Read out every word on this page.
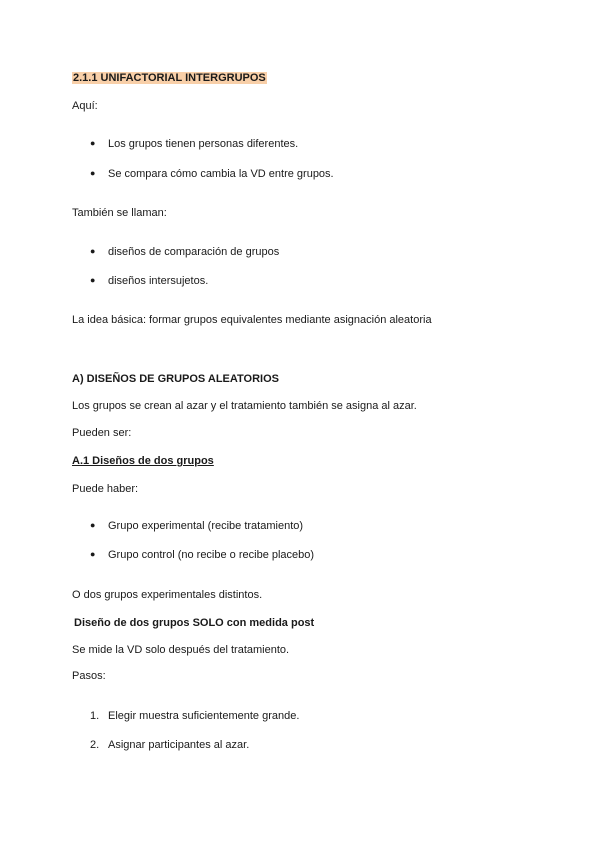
2.1.1 UNIFACTORIAL INTERGRUPOS
Aquí:
● Los grupos tienen personas diferentes.
● Se compara cómo cambia la VD entre grupos.
También se llaman:
● diseños de comparación de grupos
● diseños intersujetos.
La idea básica: formar grupos equivalentes mediante asignación aleatoria
A) DISEÑOS DE GRUPOS ALEATORIOS
Los grupos se crean al azar y el tratamiento también se asigna al azar.
Pueden ser:
A.1 Diseños de dos grupos
Puede haber:
● Grupo experimental (recibe tratamiento)
● Grupo control (no recibe o recibe placebo)
O dos grupos experimentales distintos.
Diseño de dos grupos SOLO con medida post
Se mide la VD solo después del tratamiento.
Pasos:
1. Elegir muestra suficientemente grande.
2. Asignar participantes al azar.
